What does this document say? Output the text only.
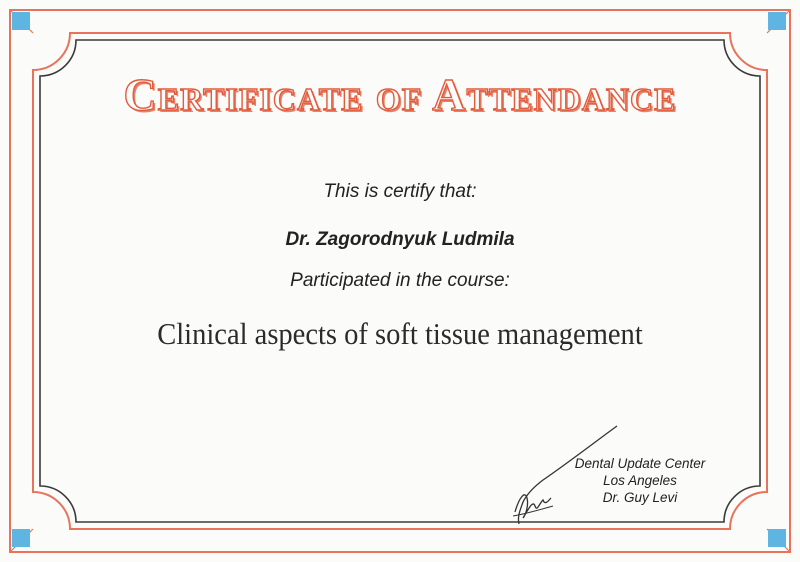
Certificate of Attendance
This is certify that:
Dr. Zagorodnyuk Ludmila
Participated in the course:
Clinical aspects of soft tissue management
Dental Update Center
Los Angeles
Dr. Guy Levi
